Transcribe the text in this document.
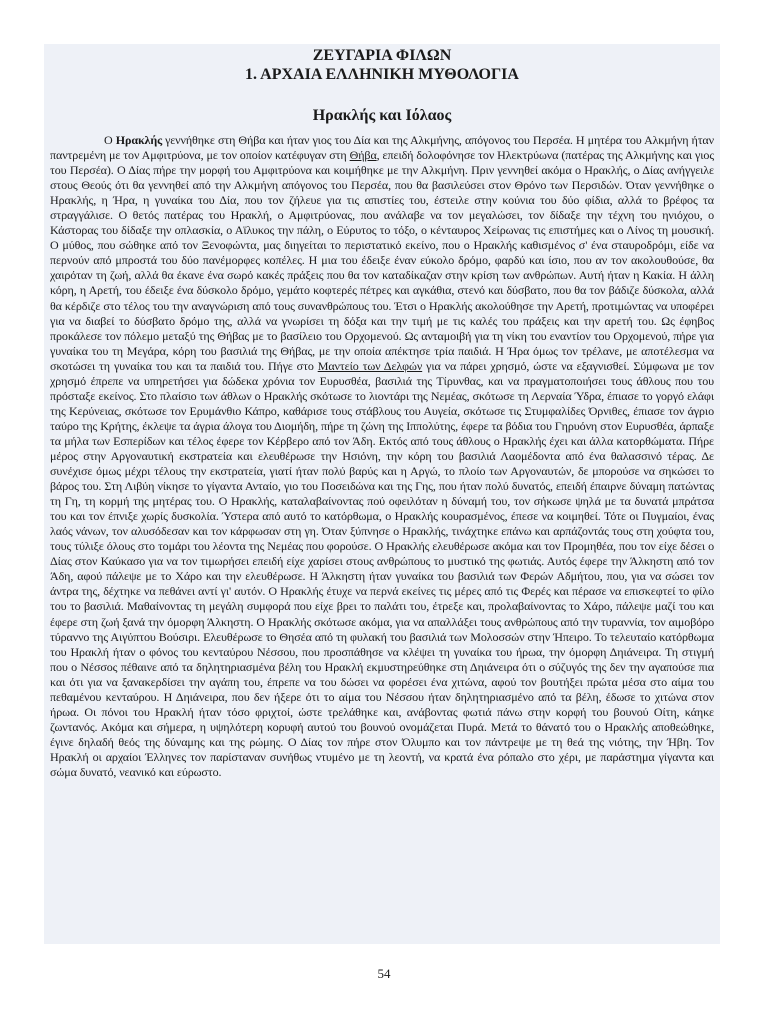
ΖΕΥΓΑΡΙΑ ΦΙΛΩΝ

1. ΑΡΧΑΙΑ ΕΛΛΗΝΙΚΗ ΜΥΘΟΛΟΓΙΑ

Ηρακλής και Ιόλαος

Ο Ηρακλής γεννήθηκε στη Θήβα και ήταν γιος του Δία και της Αλκμήνης, απόγονος του Περσέα. Η μητέρα του Αλκμήνη ήταν παντρεμένη με τον Αμφιτρύονα, με τον οποίον κατέφυγαν στη Θήβα, επειδή δολοφόνησε τον Ηλεκτρύωνα (πατέρας της Αλκμήνης και γιος του Περσέα). Ο Δίας πήρε την μορφή του Αμφιτρύονα και κοιμήθηκε με την Αλκμήνη. Πριν γεννηθεί ακόμα ο Ηρακλής, ο Δίας ανήγγειλε στους Θεούς ότι θα γεννηθεί από την Αλκμήνη απόγονος του Περσέα, που θα βασιλεύσει στον Θρόνο των Περσιδών. Όταν γεννήθηκε ο Ηρακλής, η Ήρα, η γυναίκα του Δία, που τον ζήλευε για τις απιστίες του, έστειλε στην κούνια του δύο φίδια, αλλά το βρέφος τα στραγγάλισε. Ο θετός πατέρας του Ηρακλή, ο Αμφιτρύονας, που ανάλαβε να τον μεγαλώσει, τον δίδαξε την τέχνη του ηνιόχου, ο Κάστορας του δίδαξε την οπλασκία, ο Αϊλυκος την πάλη, ο Εύρυτος το τόξο, ο κένταυρος Χείρωνας τις επιστήμες και ο Λίνος τη μουσική. Ο μύθος, που σώθηκε από τον Ξενοφώντα, μας διηγείται το περιστατικό εκείνο, που ο Ηρακλής καθισμένος σ' ένα σταυροδρόμι, είδε να περνούν από μπροστά του δύο πανέμορφες κοπέλες. Η μια του έδειξε έναν εύκολο δρόμο, φαρδύ και ίσιο, που αν τον ακολουθούσε, θα χαιρόταν τη ζωή, αλλά θα έκανε ένα σωρό κακές πράξεις που θα τον καταδίκαζαν στην κρίση των ανθρώπων. Αυτή ήταν η Κακία. Η άλλη κόρη, η Αρετή, του έδειξε ένα δύσκολο δρόμο, γεμάτο κοφτερές πέτρες και αγκάθια, στενό και δύσβατο, που θα τον βάδιζε δύσκολα, αλλά θα κέρδιζε στο τέλος του την αναγνώριση από τους συνανθρώπους του. Έτσι ο Ηρακλής ακολούθησε την Αρετή, προτιμώντας να υποφέρει για να διαβεί το δύσβατο δρόμο της, αλλά να γνωρίσει τη δόξα και την τιμή με τις καλές του πράξεις και την αρετή του. Ως έφηβος προκάλεσε τον πόλεμο μεταξύ της Θήβας με το βασίλειο του Ορχομενού. Ως ανταμοιβή για τη νίκη του εναντίον του Ορχομενού, πήρε για γυναίκα του τη Μεγάρα, κόρη του βασιλιά της Θήβας, με την οποία απέκτησε τρία παιδιά. Η Ήρα όμως τον τρέλανε, με αποτέλεσμα να σκοτώσει τη γυναίκα του και τα παιδιά του. Πήγε στο Μαντείο των Δελφών για να πάρει χρησμό, ώστε να εξαγνισθεί. Σύμφωνα με τον χρησμό έπρεπε να υπηρετήσει για δώδεκα χρόνια τον Ευρυσθέα, βασιλιά της Τίρυνθας, και να πραγματοποιήσει τους άθλους που του πρόσταξε εκείνος. Στο πλαίσιο των άθλων ο Ηρακλής σκότωσε το λιοντάρι της Νεμέας, σκότωσε τη Λερναία Ύδρα, έπιασε το γοργό ελάφι της Κερύνειας, σκότωσε τον Ερυμάνθιο Κάπρο, καθάρισε τους στάβλους του Αυγεία, σκότωσε τις Στυμφαλίδες Όρνιθες, έπιασε τον άγριο ταύρο της Κρήτης, έκλεψε τα άγρια άλογα του Διομήδη, πήρε τη ζώνη της Ιππολύτης, έφερε τα βόδια του Γηρυόνη στον Ευρυσθέα, άρπαξε τα μήλα των Εσπερίδων και τέλος έφερε τον Κέρβερο από τον Άδη. Εκτός από τους άθλους ο Ηρακλής έχει και άλλα κατορθώματα. Πήρε μέρος στην Αργοναυτική εκστρατεία και ελευθέρωσε την Ησιόνη, την κόρη του βασιλιά Λαομέδοντα από ένα θαλασσινό τέρας. Δε συνέχισε όμως μέχρι τέλους την εκστρατεία, γιατί ήταν πολύ βαρύς και η Αργώ, το πλοίο των Αργοναυτών, δε μπορούσε να σηκώσει το βάρος του. Στη Λιβύη νίκησε το γίγαντα Ανταίο, γιο του Ποσειδώνα και της Γης, που ήταν πολύ δυνατός, επειδή έπαιρνε δύναμη πατώντας τη Γη, τη κορμή της μητέρας του. Ο Ηρακλής, καταλαβαίνοντας πού οφειλόταν η δύναμή του, τον σήκωσε ψηλά με τα δυνατά μπράτσα του και τον έπνιξε χωρίς δυσκολία. Ύστερα από αυτό το κατόρθωμα, ο Ηρακλής κουρασμένος, έπεσε να κοιμηθεί. Τότε οι Πυγμαίοι, ένας λαός νάνων, τον αλυσόδεσαν και τον κάρφωσαν στη γη. Όταν ξύπνησε ο Ηρακλής, τινάχτηκε επάνω και αρπάζοντάς τους στη χούφτα του, τους τύλιξε όλους στο τομάρι του λέοντα της Νεμέας που φορούσε. Ο Ηρακλής ελευθέρωσε ακόμα και τον Προμηθέα, που τον είχε δέσει ο Δίας στον Καύκασο για να τον τιμωρήσει επειδή είχε χαρίσει στους ανθρώπους το μυστικό της φωτιάς. Αυτός έφερε την Άλκηστη από τον Άδη, αφού πάλεψε με το Χάρο και την ελευθέρωσε. Η Άλκηστη ήταν γυναίκα του βασιλιά των Φερών Αδμήτου, που, για να σώσει τον άντρα της, δέχτηκε να πεθάνει αντί γι' αυτόν. Ο Ηρακλής έτυχε να περνά εκείνες τις μέρες από τις Φερές και πέρασε να επισκεφτεί το φίλο του το βασιλιά. Μαθαίνοντας τη μεγάλη συμφορά που είχε βρει το παλάτι του, έτρεξε και, προλαβαίνοντας το Χάρο, πάλεψε μαζί του και έφερε στη ζωή ξανά την όμορφη Άλκηστη. Ο Ηρακλής σκότωσε ακόμα, για να απαλλάξει τους ανθρώπους από την τυραννία, τον αιμοβόρο τύραννο της Αιγύπτου Βούσιρι. Ελευθέρωσε το Θησέα από τη φυλακή του βασιλιά των Μολοσσών στην Ήπειρο. Το τελευταίο κατόρθωμα του Ηρακλή ήταν ο φόνος του κενταύρου Νέσσου, που προσπάθησε να κλέψει τη γυναίκα του ήρωα, την όμορφη Δηιάνειρα. Τη στιγμή που ο Νέσσος πέθαινε από τα δηλητηριασμένα βέλη του Ηρακλή εκμυστηρεύθηκε στη Δηιάνειρα ότι ο σύζυγός της δεν την αγαπούσε πια και ότι για να ξανακερδίσει την αγάπη του, έπρεπε να του δώσει να φορέσει ένα χιτώνα, αφού τον βουτήξει πρώτα μέσα στο αίμα του πεθαμένου κενταύρου. Η Δηιάνειρα, που δεν ήξερε ότι το αίμα του Νέσσου ήταν δηλητηριασμένο από τα βέλη, έδωσε το χιτώνα στον ήρωα. Οι πόνοι του Ηρακλή ήταν τόσο φριχτοί, ώστε τρελάθηκε και, ανάβοντας φωτιά πάνω στην κορφή του βουνού Οίτη, κάηκε ζωντανός. Ακόμα και σήμερα, η υψηλότερη κορυφή αυτού του βουνού ονομάζεται Πυρά. Μετά το θάνατό του ο Ηρακλής αποθεώθηκε, έγινε δηλαδή θεός της δύναμης και της ρώμης. Ο Δίας τον πήρε στον Όλυμπο και τον πάντρεψε με τη θεά της νιότης, την Ήβη. Τον Ηρακλή οι αρχαίοι Έλληνες τον παρίσταναν συνήθως ντυμένο με τη λεοντή, να κρατά ένα ρόπαλο στο χέρι, με παράστημα γίγαντα και σώμα δυνατό, νεανικό και εύρωστο.

54
